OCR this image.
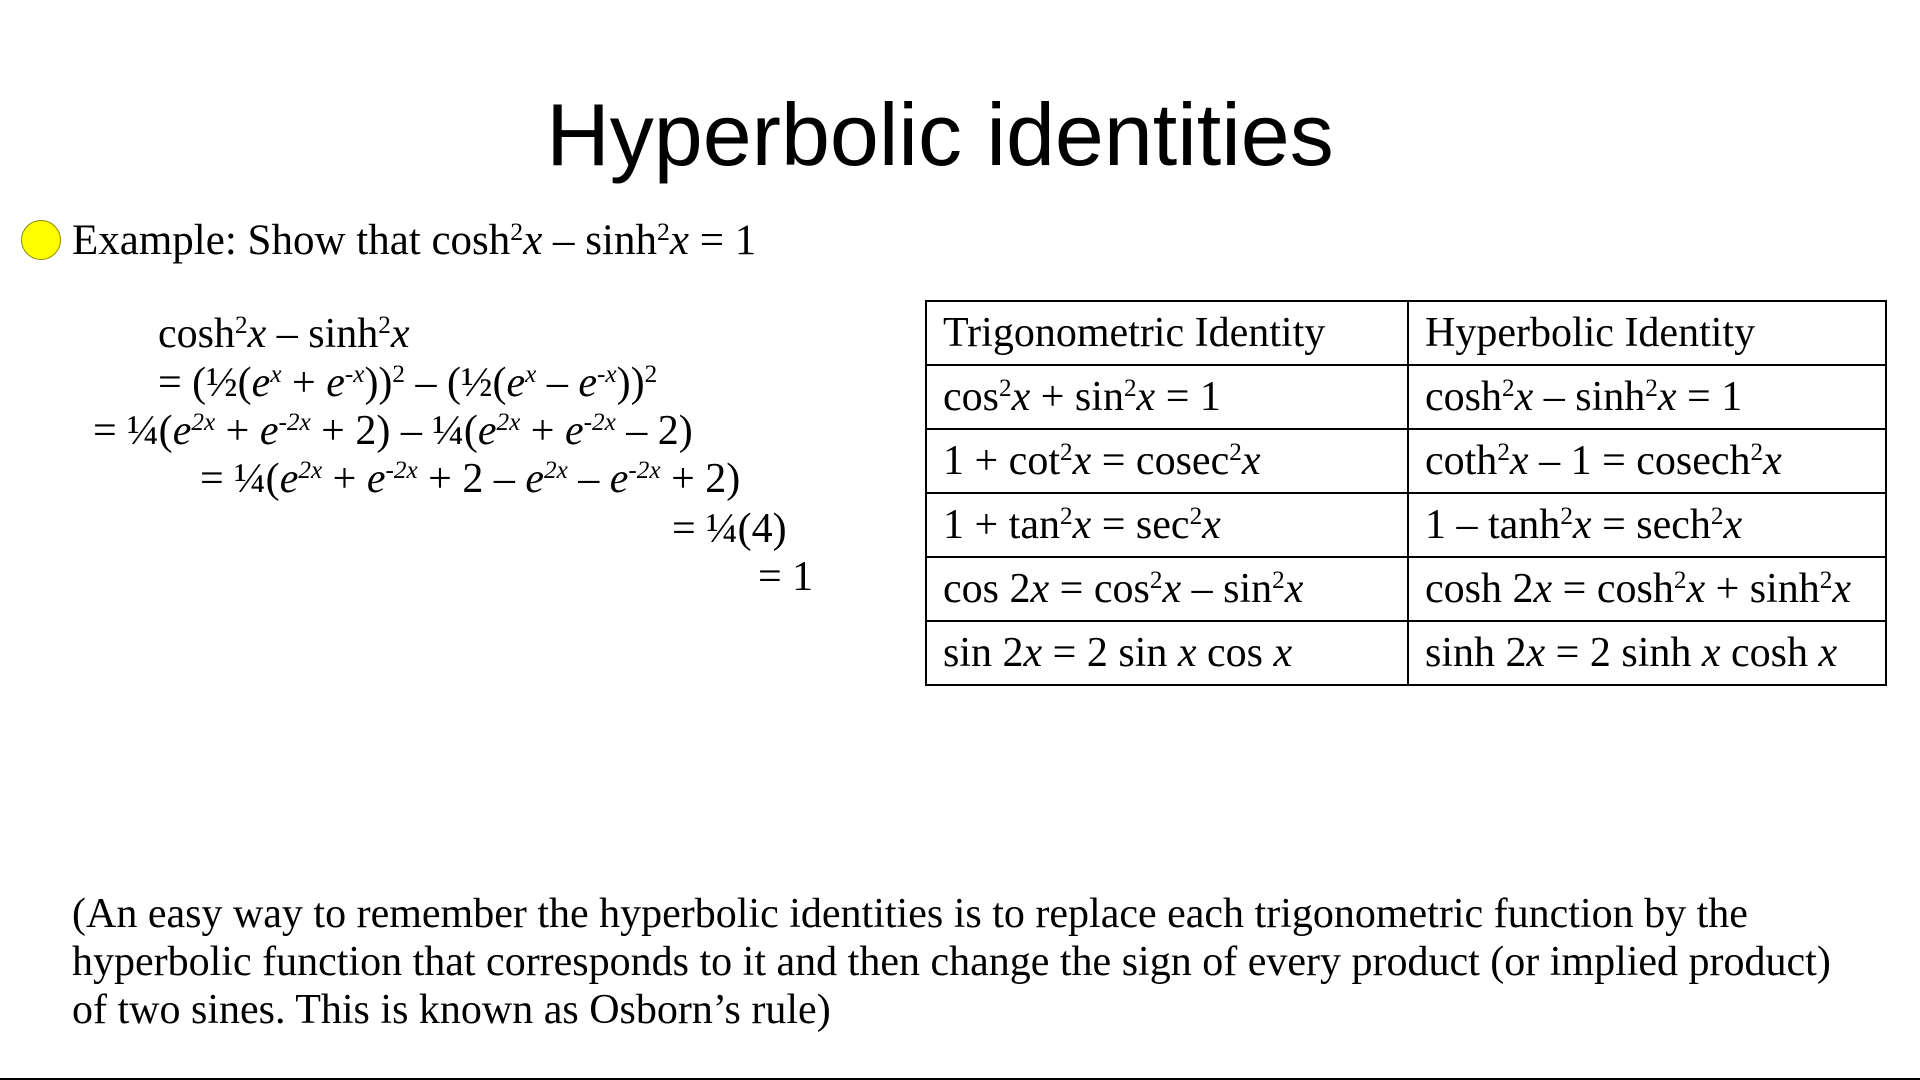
Hyperbolic identities
Example: Show that $\cosh^2x - \sinh^2x = 1$
$\cosh^2x - \sinh^2x$
= $(\frac{1}{2}(e^x + e^{-x}))^2$ – $(\frac{1}{2}(e^x - e^{-x}))^2$
= $\frac{1}{4}(e^{2x} + e^{-2x} + 2)$ – $\frac{1}{4}(e^{2x} + e^{-2x} - 2)$
= $\frac{1}{4}(e^{2x} + e^{-2x} + 2 - e^{2x} - e^{-2x} + 2)$
= ¼(4)
= 1
Trigonometric Identity	Hyperbolic Identity
$\cos^2x + \sin^2x = 1$	$\cosh^2x - \sinh^2x = 1$
$1 + \cot^2x = cosec^2x$	coth$^2$x – 1 = cosech$^2$x
$1 + \tan^2x = \sec^2x$	$1 - \tanh^2x = \sec h^2x$
$\cos 2x = \cos^2x - \sin^2x$	$\cosh 2x = \cosh^2x + \sinh^2x$
sin 2x = 2 sin x cos x	sinh 2x = 2 sinh x cosh x
(An easy way to remember the hyperbolic identities is to replace each trigonometric function by the hyperbolic function that corresponds to it and then change the sign of every product (or implied product) of two sines. This is known as Osborn’s rule)
